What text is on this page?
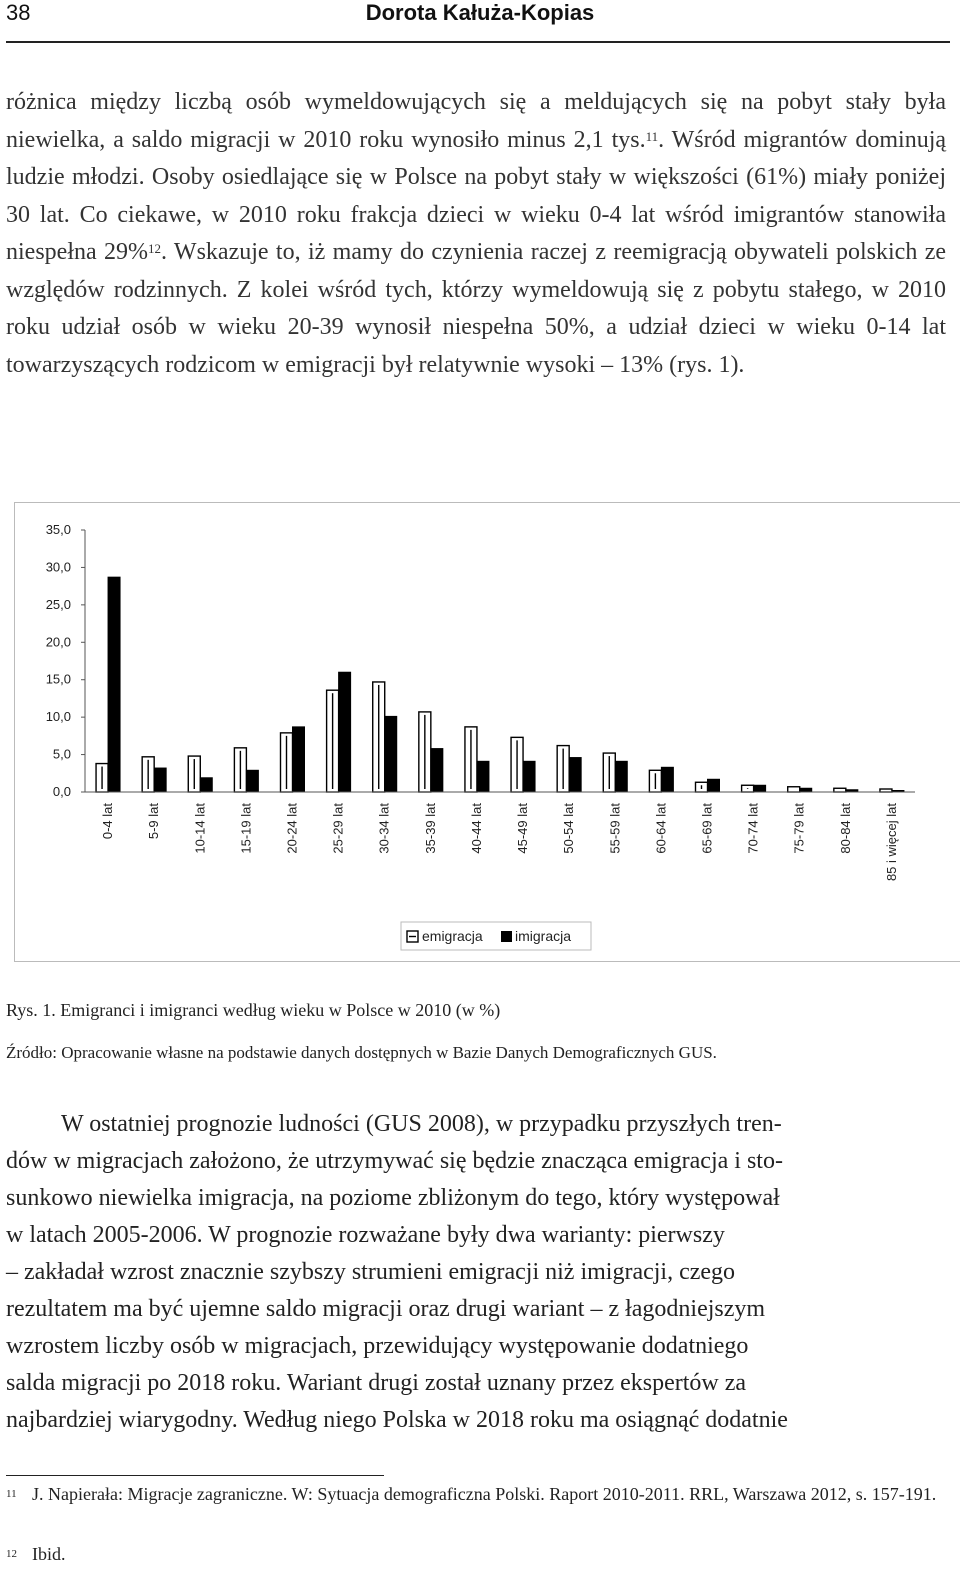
38	Dorota Kałuża-Kopias

różnica między liczbą osób wymeldowujących się a meldujących się na pobyt stały była niewielka, a saldo migracji w 2010 roku wynosiło minus 2,1 tys.$^{11}$. Wśród migrantów dominują ludzie młodzi. Osoby osiedlające się w Polsce na pobyt stały w większości (61%) miały poniżej 30 lat. Co ciekawe, w 2010 roku frakcja dzieci w wieku 0-4 lat wśród imigrantów stanowiła niespełna 29%$^{12}$. Wskazuje to, iż mamy do czynienia raczej z reemigracją obywateli polskich ze względów rodzinnych. Z kolei wśród tych, którzy wymeldowują się z pobytu stałego, w 2010 roku udział osób w wieku 20-39 wynosił niespełna 50%, a udział dzieci w wieku 0-14 lat towarzyszących rodzicom w emigracji był relatywnie wysoki – 13% (rys. 1).

0,0
5,0
10,0
15,0
20,0
25,0
30,0
35,0
0-4 lat 5-9 lat 10-14 lat 15-19 lat 20-24 lat 25-29 lat 30-34 lat 35-39 lat 40-44 lat 45-49 lat 50-54 lat 55-59 lat 60-64 lat 65-69 lat 70-74 lat 75-79 lat 80-84 lat 85 i więcej lat
emigracja imigracja
Rys. 1. Emigranci i imigranci według wieku w Polsce w 2010 (w %)
Źródło: Opracowanie własne na podstawie danych dostępnych w Bazie Danych Demograficznych GUS.
W ostatniej prognozie ludności (GUS 2008), w przypadku przyszłych tren-
dów w migracjach założono, że utrzymywać się będzie znacząca emigracja i sto-
sunkowo niewielka imigracja, na poziome zbliżonym do tego, który występował
w latach 2005-2006. W prognozie rozważane były dwa warianty: pierwszy
– zakładał wzrost znacznie szybszy strumieni emigracji niż imigracji, czego
rezultatem ma być ujemne saldo migracji oraz drugi wariant – z łagodniejszym
wzrostem liczby osób w migracjach, przewidujący występowanie dodatniego
salda migracji po 2018 roku. Wariant drugi został uznany przez ekspertów za
najbardziej wiarygodny. Według niego Polska w 2018 roku ma osiągnąć dodatnie
11 J. Napierała: Migracje zagraniczne. W: Sytuacja demograficzna Polski. Raport 2010-2011. RRL, Warszawa 2012, s. 157-191.
12 Ibid.
